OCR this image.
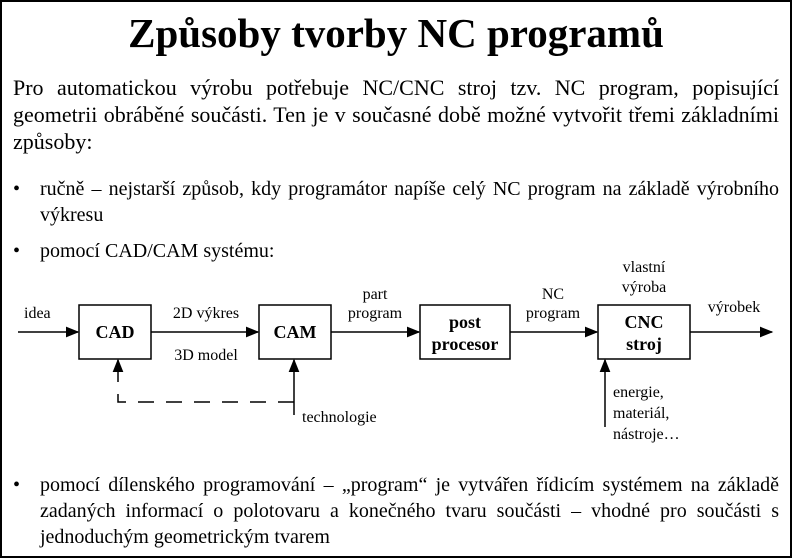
Způsoby tvorby NC programů
Pro automatickou výrobu potřebuje NC/CNC stroj tzv. NC program, popisující geometrii obráběné součásti. Ten je v současné době možné vytvořit třemi základními způsoby:
• ručně – nejstarší způsob, kdy programátor napíše celý NC program na základě výrobního výkresu
• pomocí CAD/CAM systému:
CAD	CAM	post
procesor
CNC
stroj
idea	2D výkres
3D model
part
program
NC
program
vlastní
výroba
výrobek
technologie
energie,
materiál,
nástroje…
• pomocí dílenského programování – „program“ je vytvářen řídicím systémem na základě zadaných informací o polotovaru a konečného tvaru součásti – vhodné pro součásti s jednoduchým geometrickým tvarem
